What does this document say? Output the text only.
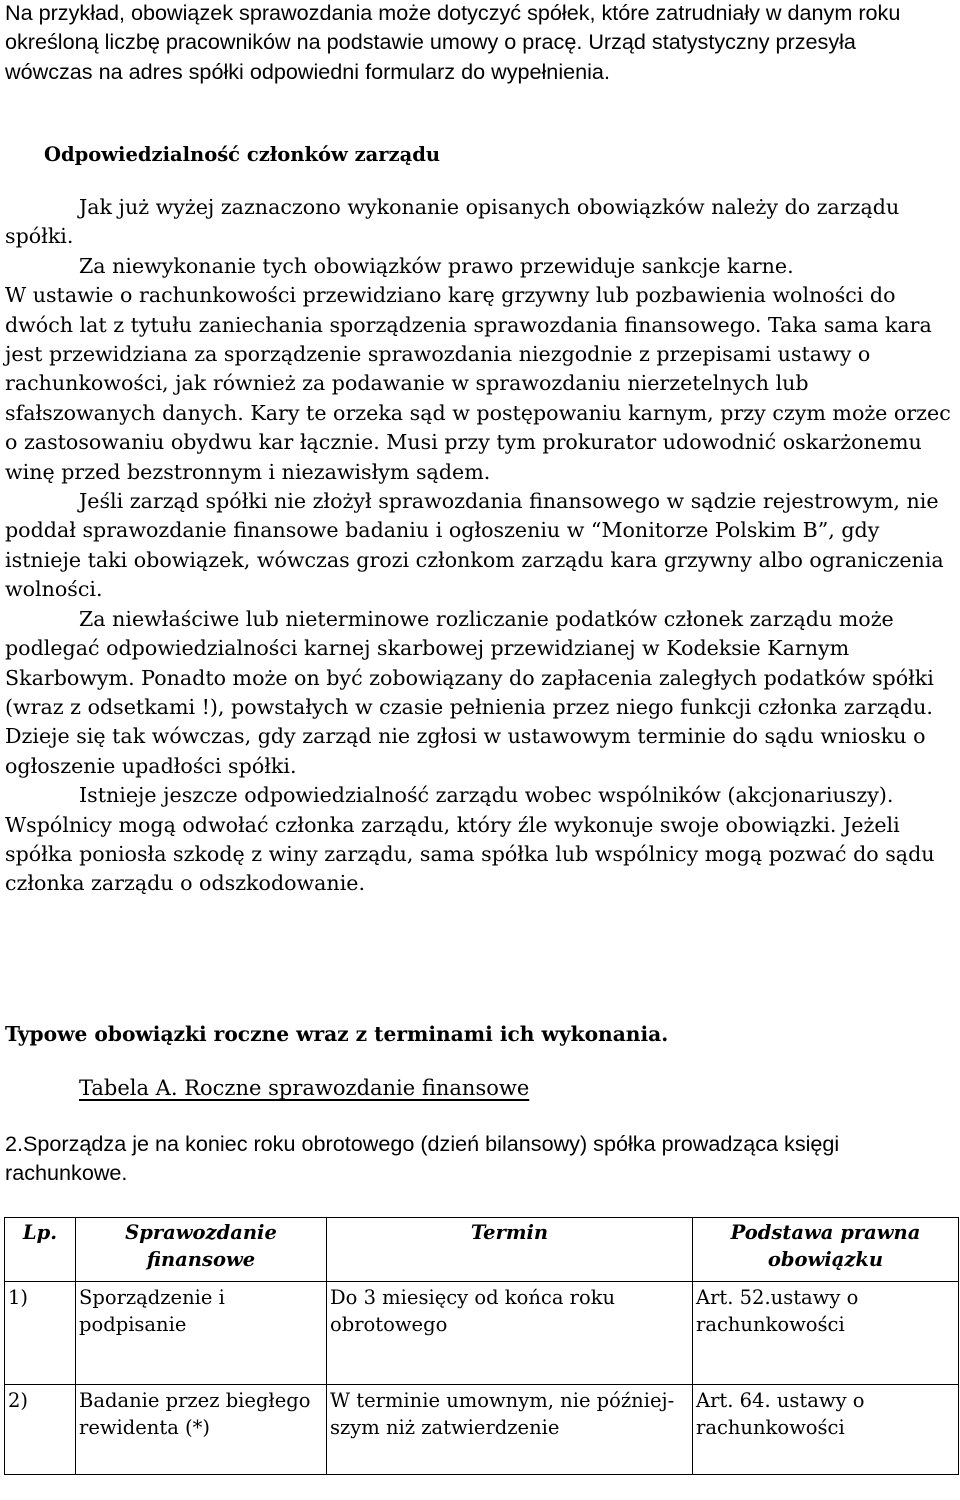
Na przykład, obowiązek sprawozdania może dotyczyć spółek, które zatrudniały w danym roku określoną liczbę pracowników na podstawie umowy o pracę. Urząd statystyczny przesyła wówczas na adres spółki odpowiedni formularz do wypełnienia.

Odpowiedzialność członków zarządu

Jak już wyżej zaznaczono wykonanie opisanych obowiązków należy do zarządu spółki.

Za niewykonanie tych obowiązków prawo przewiduje sankcje karne.

W ustawie o rachunkowości przewidziano karę grzywny lub pozbawienia wolności do dwóch lat z tytułu zaniechania sporządzenia sprawozdania finansowego. Taka sama kara jest przewidziana za sporządzenie sprawozdania niezgodnie z przepisami ustawy o rachunkowości, jak również za podawanie w sprawozdaniu nierzetelnych lub sfałszowanych danych. Kary te orzeka sąd w postępowaniu karnym, przy czym może orzec o zastosowaniu obydwu kar łącznie. Musi przy tym prokurator udowodnić oskarżonemu winę przed bezstronnym i niezawisłym sądem.

Jeśli zarząd spółki nie złożył sprawozdania finansowego w sądzie rejestrowym, nie poddał sprawozdanie finansowe badaniu i ogłoszeniu w “Monitorze Polskim B”, gdy istnieje taki obowiązek, wówczas grozi członkom zarządu kara grzywny albo ograniczenia wolności.

Za niewłaściwe lub nieterminowe rozliczanie podatków członek zarządu może podlegać odpowiedzialności karnej skarbowej przewidzianej w Kodeksie Karnym Skarbowym. Ponadto może on być zobowiązany do zapłacenia zaległych podatków spółki (wraz z odsetkami !), powstałych w czasie pełnienia przez niego funkcji członka zarządu. Dzieje się tak wówczas, gdy zarząd nie zgłosi w ustawowym terminie do sądu wniosku o ogłoszenie upadłości spółki.

Istnieje jeszcze odpowiedzialność zarządu wobec wspólników (akcjonariuszy). Wspólnicy mogą odwołać członka zarządu, który źle wykonuje swoje obowiązki. Jeżeli spółka poniosła szkodę z winy zarządu, sama spółka lub wspólnicy mogą pozwać do sądu członka zarządu o odszkodowanie.

Typowe obowiązki roczne wraz z terminami ich wykonania.

Tabela A. Roczne sprawozdanie finansowe

2.Sporządza je na koniec roku obrotowego (dzień bilansowy) spółka prowadząca księgi rachunkowe.

Lp.	Sprawozdanie finansowe	Termin	Podstawa prawna obowiązku
1)	Sporządzenie i podpisanie	Do 3 miesięcy od końca roku obrotowego	Art. 52.ustawy o rachunkowości
2)	Badanie przez biegłego rewidenta (*)	W terminie umownym, nie późniejszym niż zatwierdzenie	Art. 64. ustawy o rachunkowości
